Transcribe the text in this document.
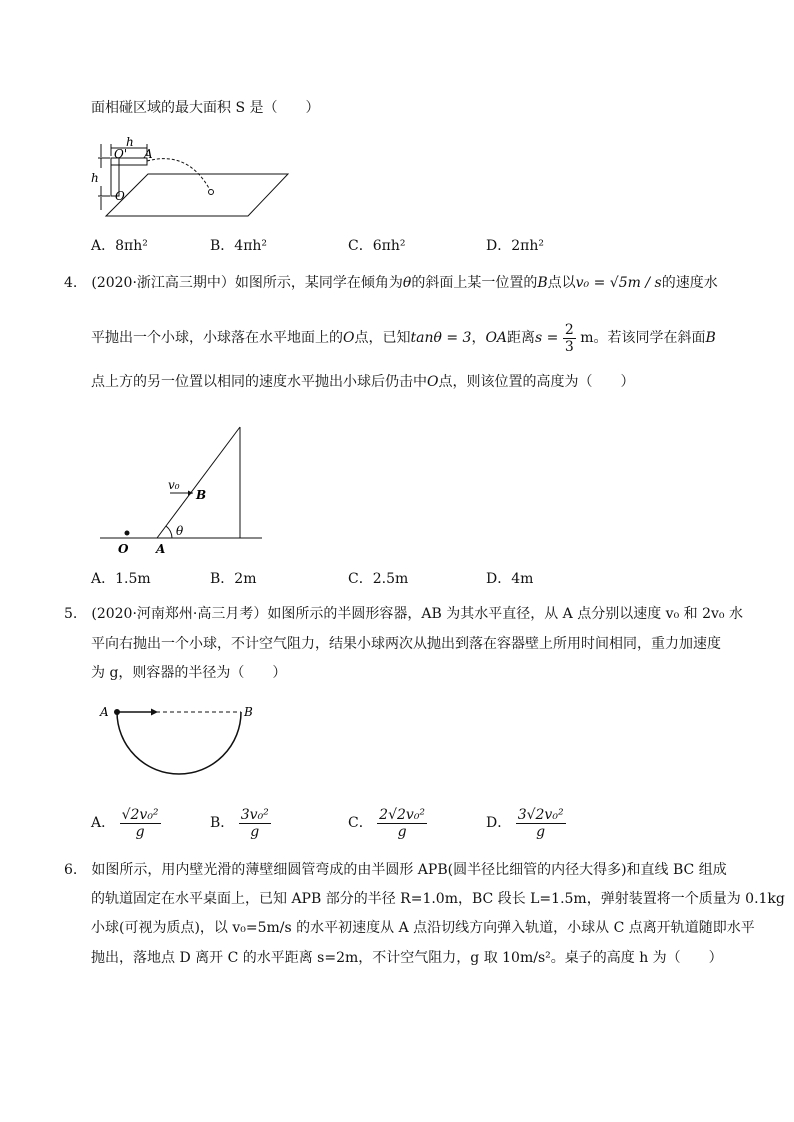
面相碰区域的最大面积 S 是（　　）
h
O' A
h
O
A．8πh²	B．4πh²	C．6πh²	D．2πh²
4.　(2020·浙江高三期中）如图所示，某同学在倾角为θ的斜面上某一位置的B点以v₀ = √5m / s的速度水
平抛出一个小球，小球落在水平地面上的O点，已知tanθ = 3，OA距离$s = \frac{2}{3}$ m。若该同学在斜面B
点上方的另一位置以相同的速度水平抛出小球后仍击中O点，则该位置的高度为（　　）
v₀
B
θ
O A
A．1.5m	B．2m	C．2.5m	D．4m
5.　(2020·河南郑州·高三月考）如图所示的半圆形容器，AB 为其水平直径，从 A 点分别以速度 v₀ 和 2v₀ 水
平向右抛出一个小球，不计空气阻力，结果小球两次从抛出到落在容器壁上所用时间相同，重力加速度
为 g，则容器的半径为（　　）
A	B
A． $\frac{\text{√2v₀²}}{g}$	B． $\frac{\text{3v₀²}}{g}$	C． $\frac{\text{2√2v₀²}}{g}$	D． $\frac{\text{3√2v₀²}}{g}$
6.　如图所示，用内壁光滑的薄壁细圆管弯成的由半圆形 APB(圆半径比细管的内径大得多)和直线 BC 组成
的轨道固定在水平桌面上，已知 APB 部分的半径 R=1.0m，BC 段长 L=1.5m，弹射装置将一个质量为 0.1kg
小球(可视为质点)，以 v₀=5m/s 的水平初速度从 A 点沿切线方向弹入轨道，小球从 C 点离开轨道随即水平
抛出，落地点 D 离开 C 的水平距离 s=2m，不计空气阻力，g 取 10m/s²。桌子的高度 h 为（　　）
